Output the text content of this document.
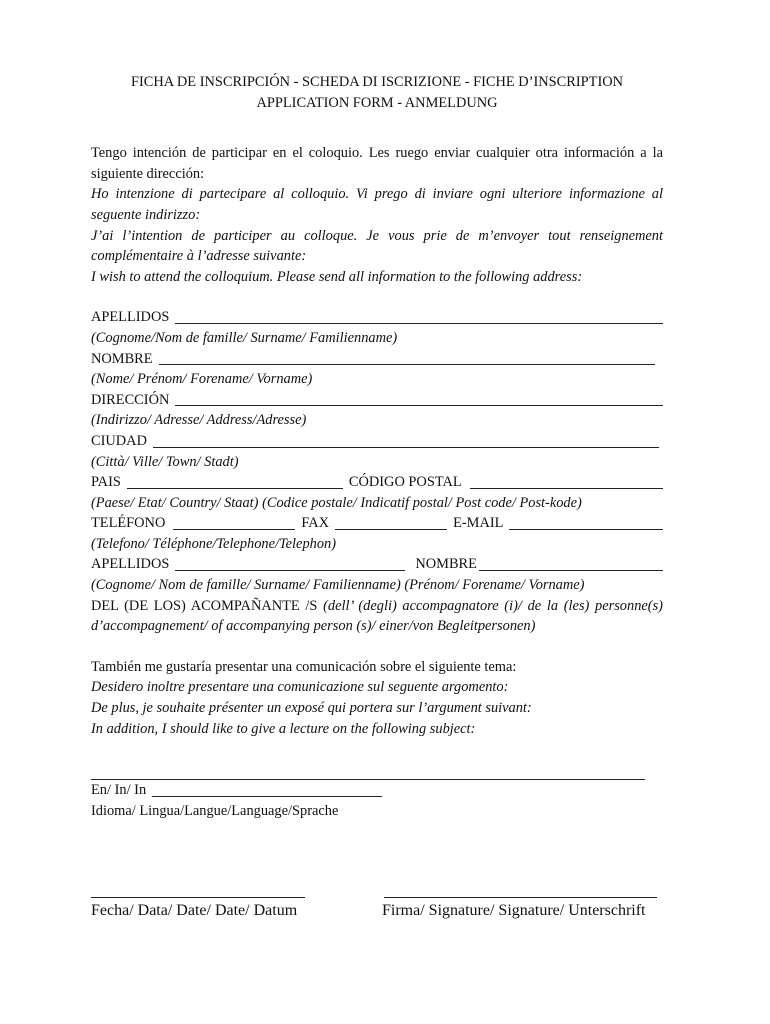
FICHA DE INSCRIPCIÓN - SCHEDA DI ISCRIZIONE - FICHE D’INSCRIPTION

APPLICATION FORM - ANMELDUNG

Tengo intención de participar en el coloquio. Les ruego enviar cualquier otra información a la siguiente dirección:

Ho intenzione di partecipare al colloquio. Vi prego di inviare ogni ulteriore informazione al seguente indirizzo:

J’ai l’intention de participer au colloque. Je vous prie de m’envoyer tout renseignement complémentaire à l’adresse suivante:

I wish to attend the colloquium. Please send all information to the following address:

APELLIDOS
(Cognome/Nom de famille/ Surname/ Familienname)
NOMBRE
(Nome/ Prénom/ Forename/ Vorname)
DIRECCIÓN
(Indirizzo/ Adresse/ Address/Adresse)
CIUDAD
(Città/ Ville/ Town/ Stadt)
PAIS	CÓDIGO POSTAL
(Paese/ Etat/ Country/ Staat) (Codice postale/ Indicatif postal/ Post code/ Post-kode)
TELÉFONO	FAX	E-MAIL
(Telefono/ Téléphone/Telephone/Telephon)
APELLIDOS	NOMBRE
(Cognome/ Nom de famille/ Surname/ Familienname) (Prénom/ Forename/ Vorname)
DEL (DE LOS) ACOMPAÑANTE /S (dell’ (degli) accompagnatore (i)/ de la (les) personne(s) d’accompagnement/ of accompanying person (s)/ einer/von Begleitpersonen)

También me gustaría presentar una comunicación sobre el siguiente tema:

Desidero inoltre presentare una comunicazione sul seguente argomento:

De plus, je souhaite présenter un exposé qui portera sur l’argument suivant:

In addition, I should like to give a lecture on the following subject:

En/ In/ In
Idioma/ Lingua/Langue/Language/Sprache
Fecha/ Data/ Date/ Date/ Datum	Firma/ Signature/ Signature/ Unterschrift
